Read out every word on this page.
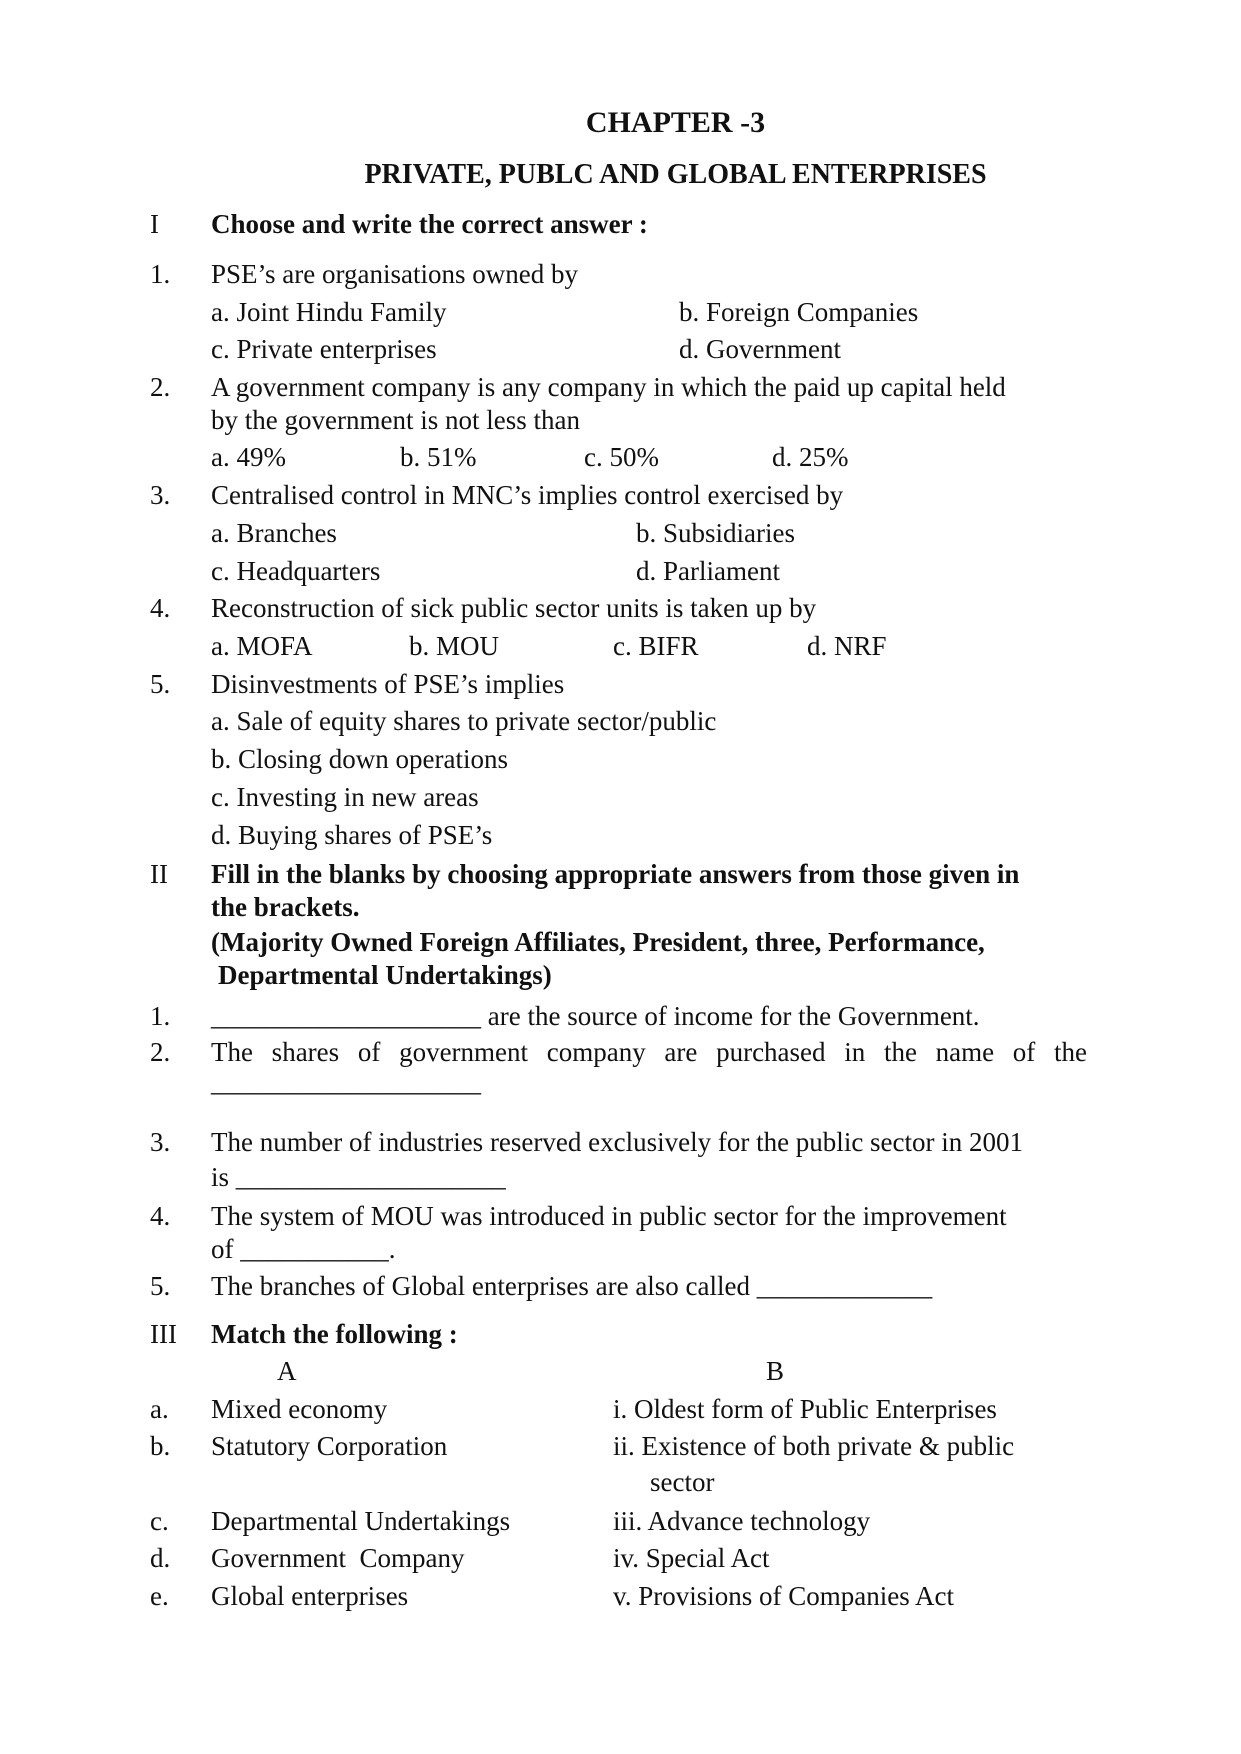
CHAPTER -3
PRIVATE, PUBLC AND GLOBAL ENTERPRISES
I Choose and write the correct answer :
1. PSE’s are organisations owned by
a. Joint Hindu Family	b. Foreign Companies
c. Private enterprises	d. Government
2. A government company is any company in which the paid up capital held
by the government is not less than
a. 49%	b. 51%	c. 50%	d. 25%
3. Centralised control in MNC’s implies control exercised by
a. Branches	b. Subsidiaries
c. Headquarters	d. Parliament
4. Reconstruction of sick public sector units is taken up by
a. MOFA	b. MOU	c. BIFR	d. NRF
5. Disinvestments of PSE’s implies
a. Sale of equity shares to private sector/public
b. Closing down operations
c. Investing in new areas
d. Buying shares of PSE’s
II Fill in the blanks by choosing appropriate answers from those given in
the brackets.
(Majority Owned Foreign Affiliates, President, three, Performance,
Departmental Undertakings)
1. ____________________ are the source of income for the Government.
2. The shares of government company are purchased in the name of the
____________________
3. The number of industries reserved exclusively for the public sector in 2001
is ____________________
4. The system of MOU was introduced in public sector for the improvement
of ___________.
5. The branches of Global enterprises are also called _____________
III Match the following :
A	B
a. Mixed economy	i. Oldest form of Public Enterprises
b. Statutory Corporation	ii. Existence of both private & public
sector
c. Departmental Undertakings	iii. Advance technology
d. Government  Company	iv. Special Act
e. Global enterprises	v. Provisions of Companies Act
